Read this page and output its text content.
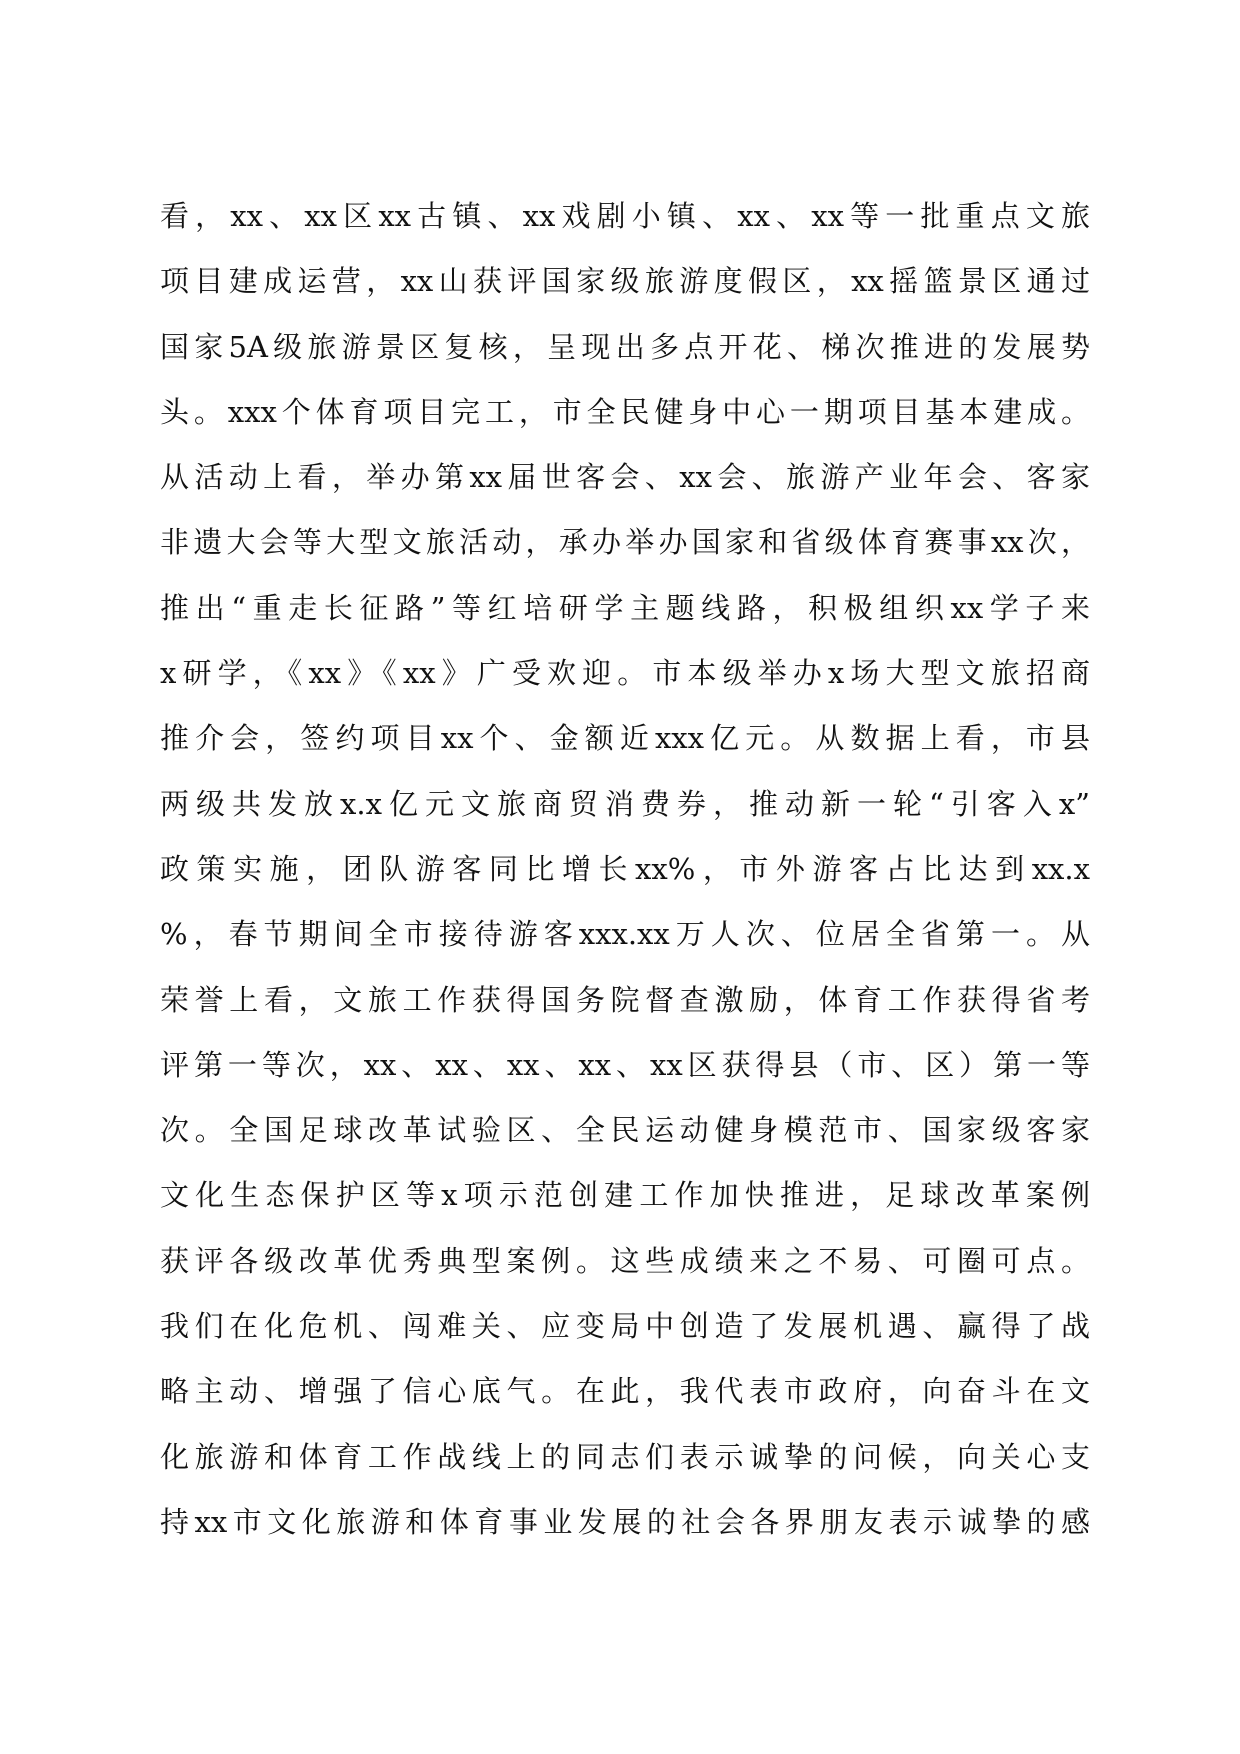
看，xx、xx区xx古镇、xx戏剧小镇、xx、xx等一批重点文旅
项目建成运营，xx山获评国家级旅游度假区，xx摇篮景区通过
国家5A级旅游景区复核，呈现出多点开花、梯次推进的发展势
头。xxx个体育项目完工，市全民健身中心一期项目基本建成。
从活动上看，举办第xx届世客会、xx会、旅游产业年会、客家
非遗大会等大型文旅活动，承办举办国家和省级体育赛事xx次，
推出“重走长征路”等红培研学主题线路，积极组织xx学子来
x研学，《xx》《xx》广受欢迎。市本级举办x场大型文旅招商
推介会，签约项目xx个、金额近xxx亿元。从数据上看，市县
两级共发放x.x亿元文旅商贸消费券，推动新一轮“引客入x”
政策实施，团队游客同比增长xx%，市外游客占比达到xx.x
%，春节期间全市接待游客xxx.xx万人次、位居全省第一。从
荣誉上看，文旅工作获得国务院督查激励，体育工作获得省考
评第一等次，xx、xx、xx、xx、xx区获得县（市、区）第一等
次。全国足球改革试验区、全民运动健身模范市、国家级客家
文化生态保护区等x项示范创建工作加快推进，足球改革案例
获评各级改革优秀典型案例。这些成绩来之不易、可圈可点。
我们在化危机、闯难关、应变局中创造了发展机遇、赢得了战
略主动、增强了信心底气。在此，我代表市政府，向奋斗在文
化旅游和体育工作战线上的同志们表示诚挚的问候，向关心支
持xx市文化旅游和体育事业发展的社会各界朋友表示诚挚的感
